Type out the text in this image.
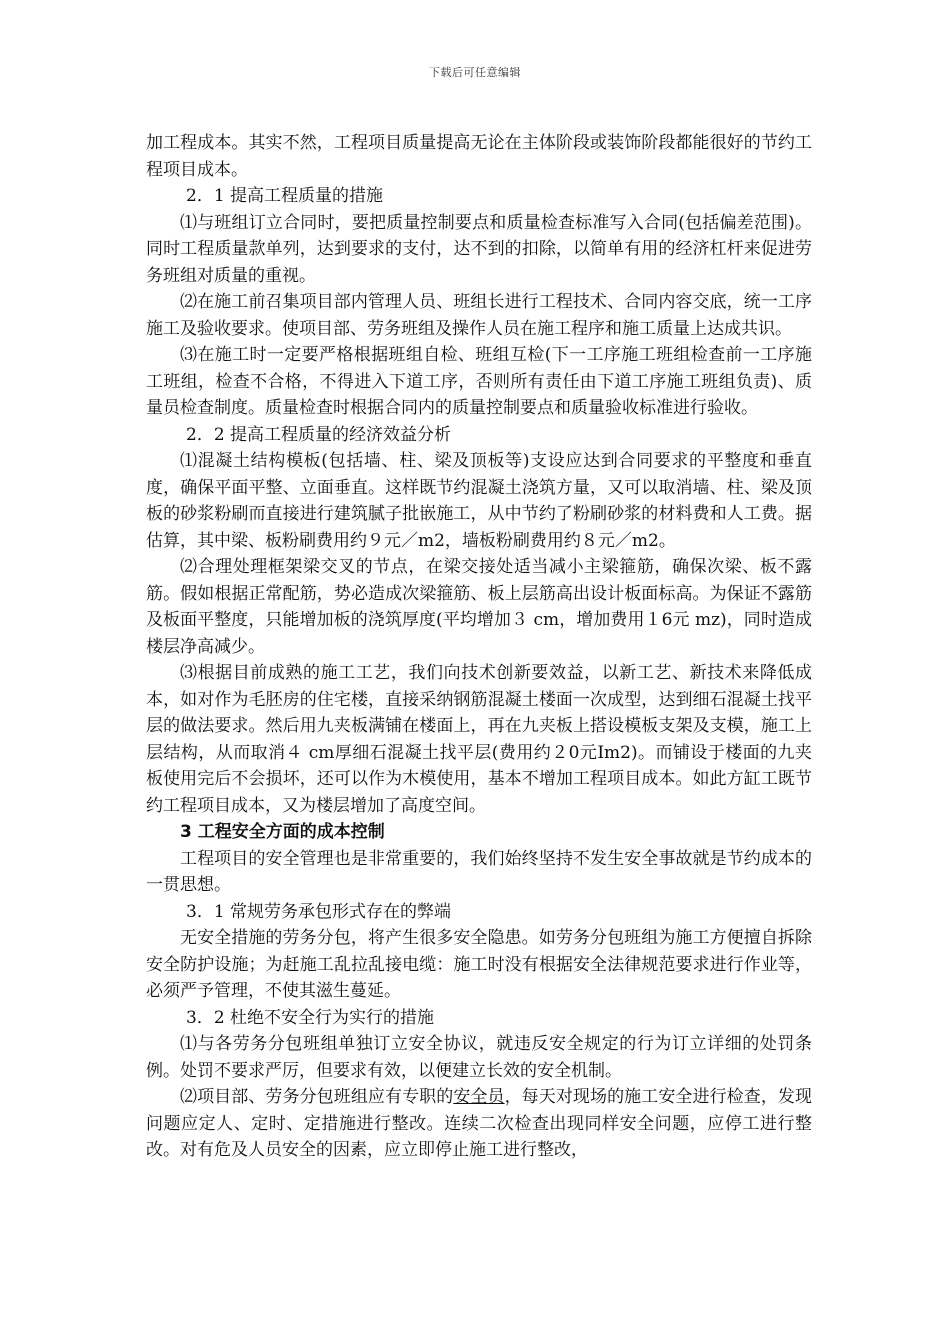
下载后可任意编辑

加工程成本。其实不然，工程项目质量提高无论在主体阶段或装饰阶段都能很好的节约工程项目成本。

2．1 提高工程质量的措施

⑴与班组订立合同时，要把质量控制要点和质量检查标准写入合同(包括偏差范围)。同时工程质量款单列，达到要求的支付，达不到的扣除，以简单有用的经济杠杆来促进劳务班组对质量的重视。

⑵在施工前召集项目部内管理人员、班组长进行工程技术、合同内容交底，统一工序施工及验收要求。使项目部、劳务班组及操作人员在施工程序和施工质量上达成共识。

⑶在施工时一定要严格根据班组自检、班组互检(下一工序施工班组检查前一工序施工班组，检查不合格，不得进入下道工序，否则所有责任由下道工序施工班组负责)、质量员检查制度。质量检查时根据合同内的质量控制要点和质量验收标准进行验收。

2．2 提高工程质量的经济效益分析

⑴混凝土结构模板(包括墙、柱、梁及顶板等)支设应达到合同要求的平整度和垂直度，确保平面平整、立面垂直。这样既节约混凝土浇筑方量，又可以取消墙、柱、梁及顶板的砂浆粉刷而直接进行建筑腻子批嵌施工，从中节约了粉刷砂浆的材料费和人工费。据估算，其中梁、板粉刷费用约９元／m2，墙板粉刷费用约８元／m2。

⑵合理处理框架梁交叉的节点，在梁交接处适当减小主梁箍筋，确保次梁、板不露筋。假如根据正常配筋，势必造成次梁箍筋、板上层筋高出设计板面标高。为保证不露筋及板面平整度，只能增加板的浇筑厚度(平均增加３ cm，增加费用１6元 mz)，同时造成楼层净高减少。

⑶根据目前成熟的施工工艺，我们向技术创新要效益，以新工艺、新技术来降低成本，如对作为毛胚房的住宅楼，直接采纳钢筋混凝土楼面一次成型，达到细石混凝土找平层的做法要求。然后用九夹板满铺在楼面上，再在九夹板上搭设模板支架及支模，施工上层结构，从而取消４ cm厚细石混凝土找平层(费用约２0元Im2)。而铺设于楼面的九夹板使用完后不会损坏，还可以作为木模使用，基本不增加工程项目成本。如此方缸工既节约工程项目成本，又为楼层增加了高度空间。

3 工程安全方面的成本控制

工程项目的安全管理也是非常重要的，我们始终坚持不发生安全事故就是节约成本的一贯思想。

3．1 常规劳务承包形式存在的弊端

无安全措施的劳务分包，将产生很多安全隐患。如劳务分包班组为施工方便擅自拆除安全防护设施；为赶施工乱拉乱接电缆：施工时没有根据安全法律规范要求进行作业等，必须严予管理，不使其滋生蔓延。

3．2 杜绝不安全行为实行的措施

⑴与各劳务分包班组单独订立安全协议，就违反安全规定的行为订立详细的处罚条例。处罚不要求严厉，但要求有效，以便建立长效的安全机制。

⑵项目部、劳务分包班组应有专职的安全员，每天对现场的施工安全进行检查，发现问题应定人、定时、定措施进行整改。连续二次检查出现同样安全问题，应停工进行整改。对有危及人员安全的因素，应立即停止施工进行整改，
